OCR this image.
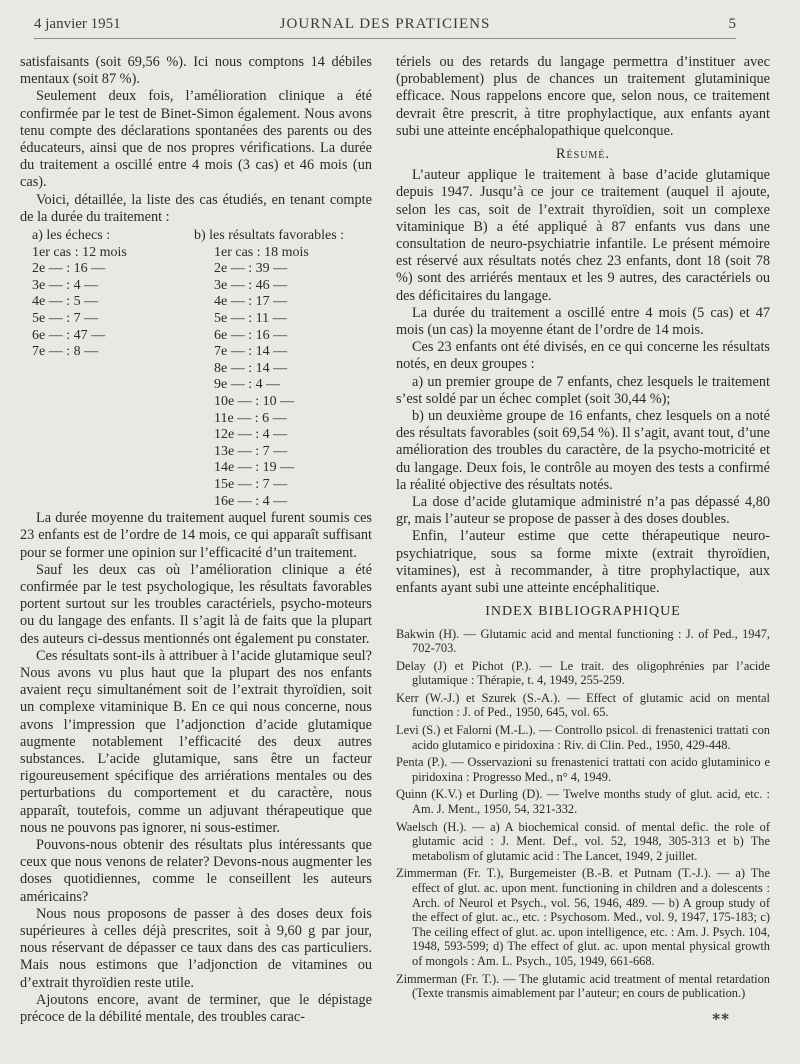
4 janvier 1951	JOURNAL DES PRATICIENS	5

satisfaisants (soit 69,56 %). Ici nous comptons 14 débiles mentaux (soit 87 %).

Seulement deux fois, l’amélioration clinique a été confirmée par le test de Binet-Simon également. Nous avons tenu compte des déclarations spontanées des parents ou des éducateurs, ainsi que de nos propres vérifications. La durée du traitement a oscillé entre 4 mois (3 cas) et 46 mois (un cas).

Voici, détaillée, la liste des cas étudiés, en tenant compte de la durée du traitement :

a) les échecs :
1er cas : 12 mois
2e — : 16 —
3e — : 4 —
4e — : 5 —
5e — : 7 —
6e — : 47 —
7e — : 8 —
b) les résultats favorables :
1er cas : 18 mois
2e — : 39 —
3e — : 46 —
4e — : 17 —
5e — : 11 —
6e — : 16 —
7e — : 14 —
8e — : 14 —
9e — : 4 —
10e — : 10 —
11e — : 6 —
12e — : 4 —
13e — : 7 —
14e — : 19 —
15e — : 7 —
16e — : 4 —

La durée moyenne du traitement auquel furent soumis ces 23 enfants est de l’ordre de 14 mois, ce qui apparaît suffisant pour se former une opinion sur l’efficacité d’un traitement.

Sauf les deux cas où l’amélioration clinique a été confirmée par le test psychologique, les résultats favorables portent surtout sur les troubles caractériels, psycho-moteurs ou du langage des enfants. Il s’agit là de faits que la plupart des auteurs ci-dessus mentionnés ont également pu constater.

Ces résultats sont-ils à attribuer à l’acide glutamique seul? Nous avons vu plus haut que la plupart des nos enfants avaient reçu simultanément soit de l’extrait thyroïdien, soit un complexe vitaminique B. En ce qui nous concerne, nous avons l’impression que l’adjonction d’acide glutamique augmente notablement l’efficacité des deux autres substances. L’acide glutamique, sans être un facteur rigoureusement spécifique des arriérations mentales ou des perturbations du comportement et du caractère, nous apparaît, toutefois, comme un adjuvant thérapeutique que nous ne pouvons pas ignorer, ni sous-estimer.

Pouvons-nous obtenir des résultats plus intéressants que ceux que nous venons de relater? Devons-nous augmenter les doses quotidiennes, comme le conseillent les auteurs américains?

Nous nous proposons de passer à des doses deux fois supérieures à celles déjà prescrites, soit à 9,60 g par jour, nous réservant de dépasser ce taux dans des cas particuliers. Mais nous estimons que l’adjonction de vitamines ou d’extrait thyroïdien reste utile.

Ajoutons encore, avant de terminer, que le dépistage précoce de la débilité mentale, des troubles carac-

tériels ou des retards du langage permettra d’instituer avec (probablement) plus de chances un traitement glutaminique efficace. Nous rappelons encore que, selon nous, ce traitement devrait être prescrit, à titre prophylactique, aux enfants ayant subi une atteinte encéphalopathique quelconque.

Résumé.

L’auteur applique le traitement à base d’acide glutamique depuis 1947. Jusqu’à ce jour ce traitement (auquel il ajoute, selon les cas, soit de l’extrait thyroïdien, soit un complexe vitaminique B) a été appliqué à 87 enfants vus dans une consultation de neuro-psychiatrie infantile. Le présent mémoire est réservé aux résultats notés chez 23 enfants, dont 18 (soit 78 %) sont des arriérés mentaux et les 9 autres, des caractériels ou des déficitaires du langage.

La durée du traitement a oscillé entre 4 mois (5 cas) et 47 mois (un cas) la moyenne étant de l’ordre de 14 mois.

Ces 23 enfants ont été divisés, en ce qui concerne les résultats notés, en deux groupes :

a) un premier groupe de 7 enfants, chez lesquels le traitement s’est soldé par un échec complet (soit 30,44 %);

b) un deuxième groupe de 16 enfants, chez lesquels on a noté des résultats favorables (soit 69,54 %). Il s’agit, avant tout, d’une amélioration des troubles du caractère, de la psycho-motricité et du langage. Deux fois, le contrôle au moyen des tests a confirmé la réalité objective des résultats notés.

La dose d’acide glutamique administré n’a pas dépassé 4,80 gr, mais l’auteur se propose de passer à des doses doubles.

Enfin, l’auteur estime que cette thérapeutique neuro-psychiatrique, sous sa forme mixte (extrait thyroïdien, vitamines), est à recommander, à titre prophylactique, aux enfants ayant subi une atteinte encéphalitique.

INDEX BIBLIOGRAPHIQUE

Bakwin (H). — Glutamic acid and mental functioning : J. of Ped., 1947, 702-703.

Delay (J) et Pichot (P.). — Le trait. des oligophrénies par l’acide glutamique : Thérapie, t. 4, 1949, 255-259.

Kerr (W.-J.) et Szurek (S.-A.). — Effect of glutamic acid on mental function : J. of Ped., 1950, 645, vol. 65.

Levi (S.) et Falorni (M.-L.). — Controllo psicol. di frenastenici trattati con acido glutamico e piridoxina : Riv. di Clin. Ped., 1950, 429-448.

Penta (P.). — Osservazioni su frenastenici trattati con acido glutaminico e piridoxina : Progresso Med., n° 4, 1949.

Quinn (K.V.) et Durling (D). — Twelve months study of glut. acid, etc. : Am. J. Ment., 1950, 54, 321-332.

Waelsch (H.). — a) A biochemical consid. of mental defic. the role of glutamic acid : J. Ment. Def., vol. 52, 1948, 305-313 et b) The metabolism of glutamic acid : The Lancet, 1949, 2 juillet.

Zimmerman (Fr. T.), Burgemeister (B.-B. et Putnam (T.-J.). — a) The effect of glut. ac. upon ment. functioning in children and a dolescents : Arch. of Neurol et Psych., vol. 56, 1946, 489. — b) A group study of the effect of glut. ac., etc. : Psychosom. Med., vol. 9, 1947, 175-183; c) The ceiling effect of glut. ac. upon intelligence, etc. : Am. J. Psych. 104, 1948, 593-599; d) The effect of glut. ac. upon mental physical growth of mongols : Am. L. Psych., 105, 1949, 661-668.

Zimmerman (Fr. T.). — The glutamic acid treatment of mental retardation (Texte transmis aimablement par l’auteur; en cours de publication.)

**
